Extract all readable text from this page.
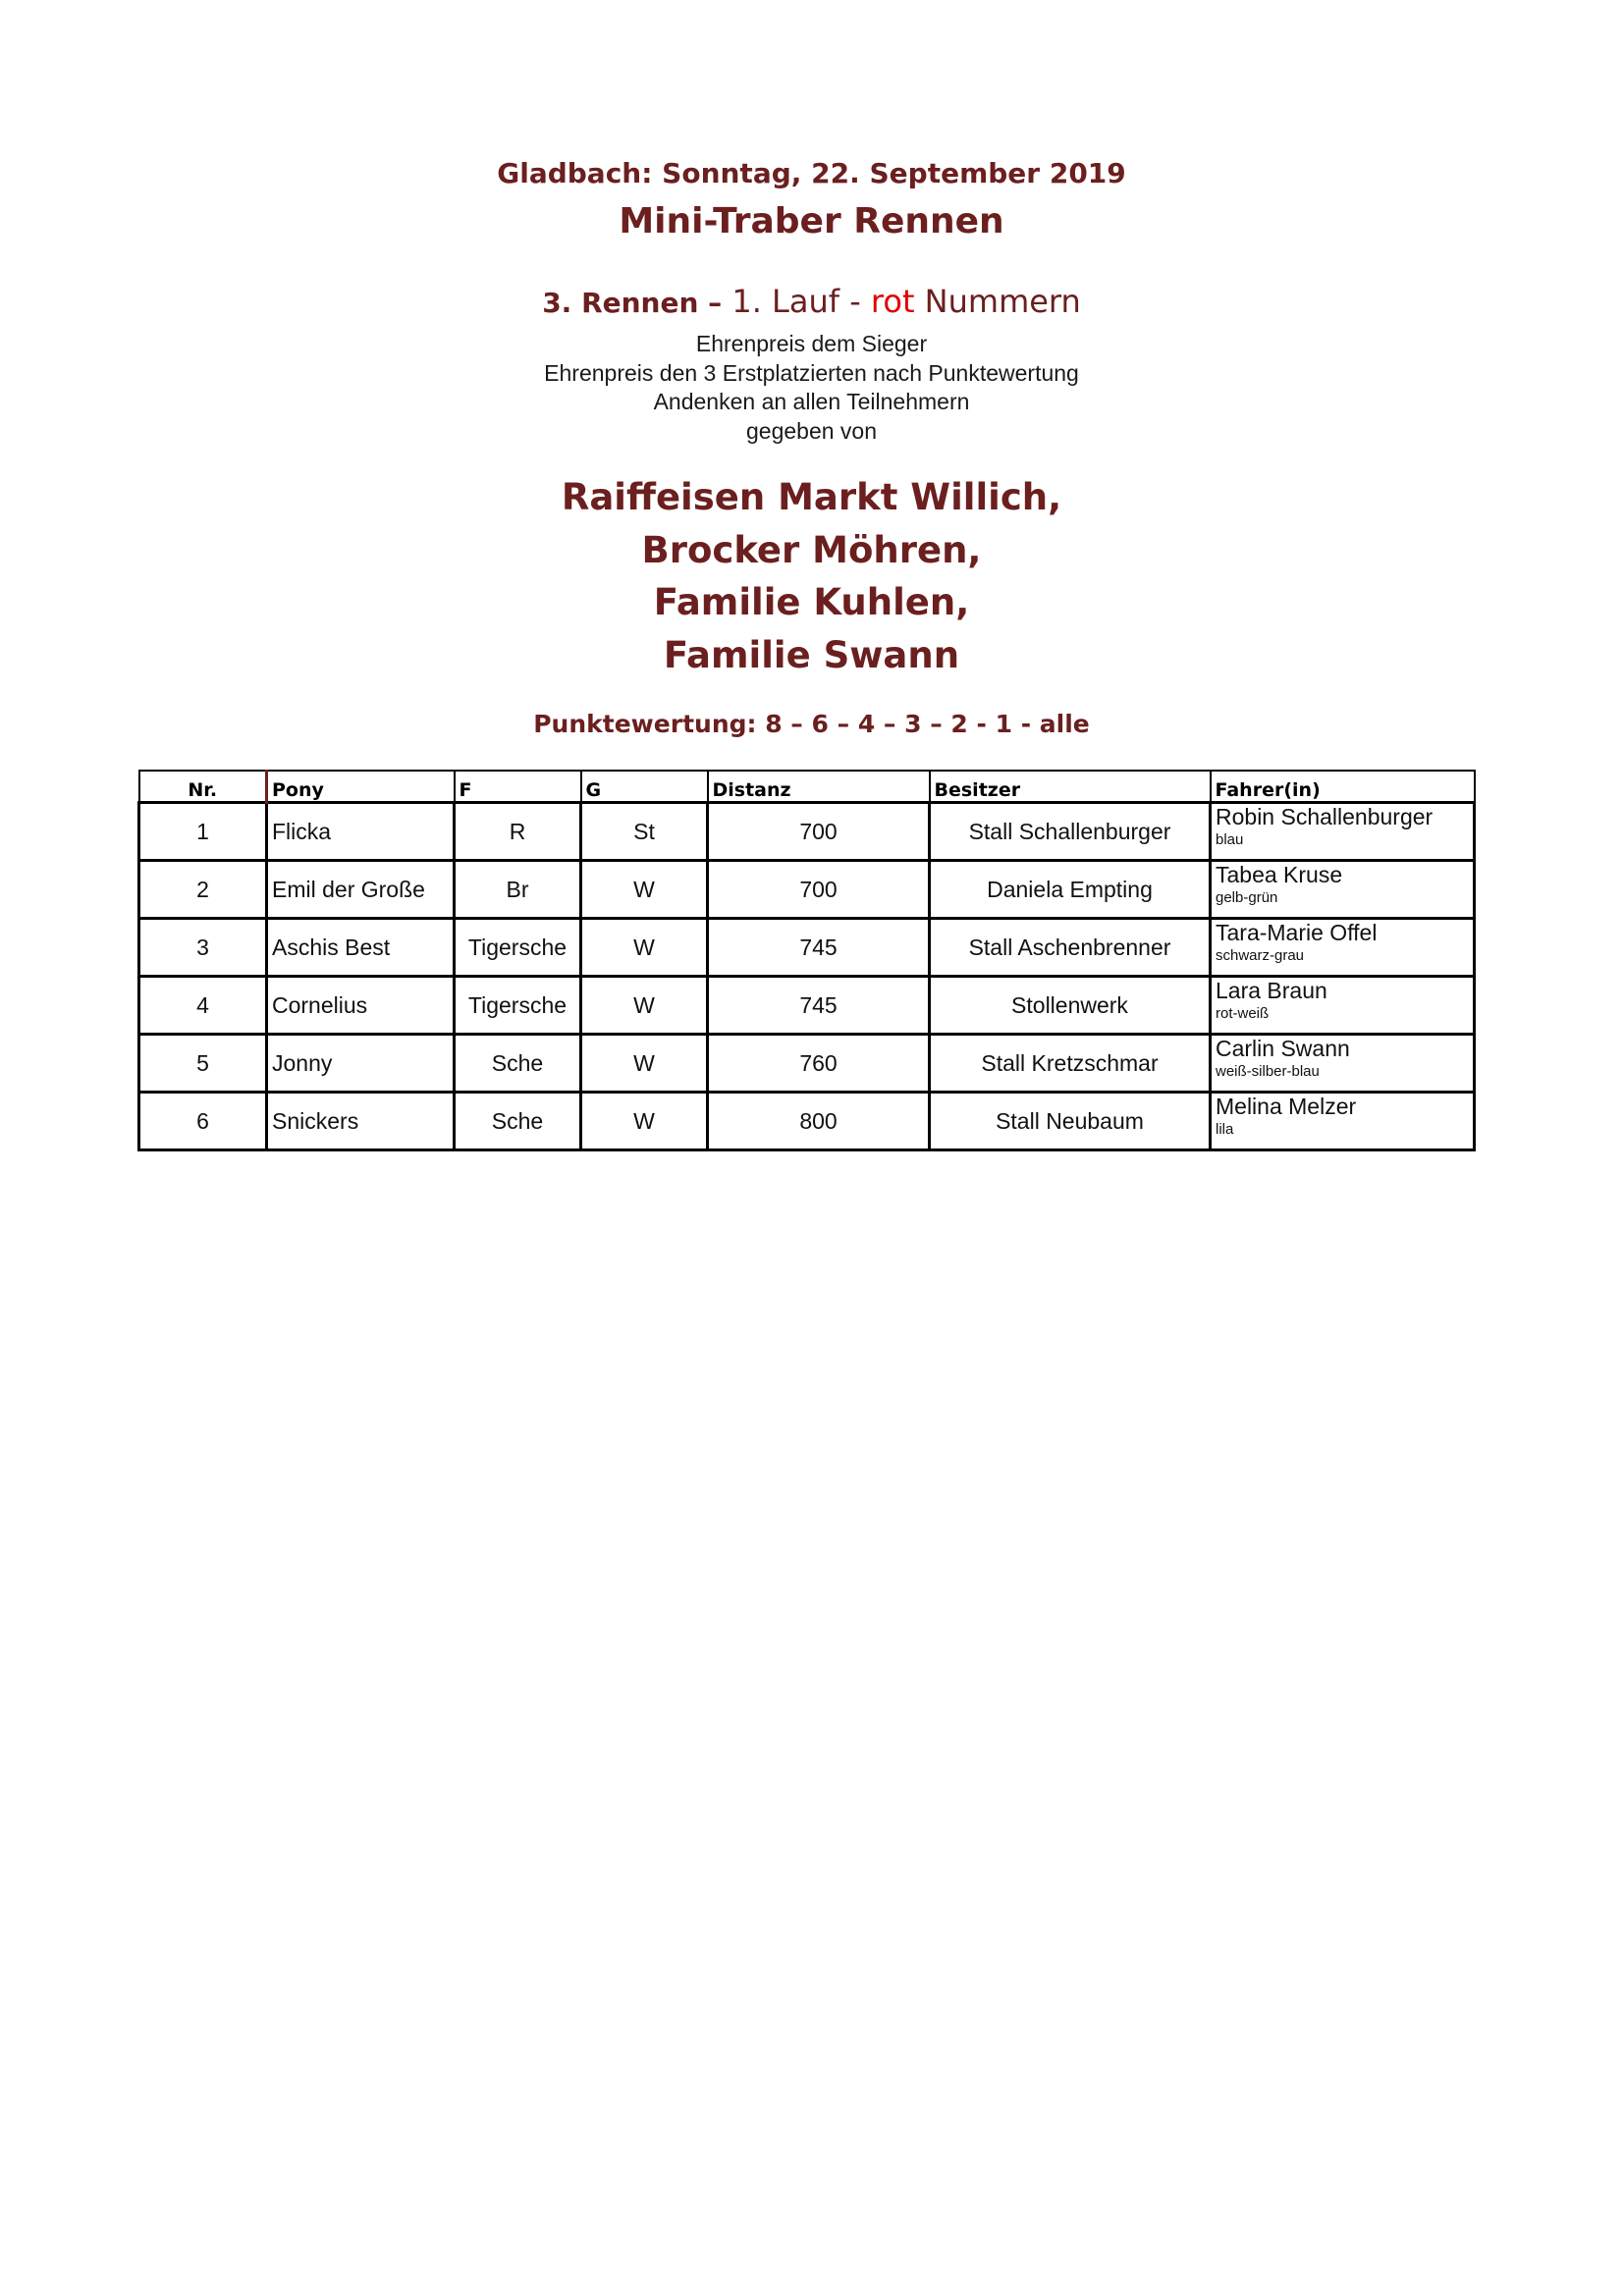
Gladbach: Sonntag, 22. September 2019
Mini-Traber Rennen
3. Rennen – 1. Lauf - rot Nummern
Ehrenpreis dem Sieger
Ehrenpreis den 3 Erstplatzierten nach Punktewertung
Andenken an allen Teilnehmern
gegeben von
Raiffeisen Markt Willich,
Brocker Möhren,
Familie Kuhlen,
Familie Swann
Punktewertung: 8 – 6 – 4 – 3 – 2 - 1 - alle
Nr.	Pony	F	G	Distanz	Besitzer	Fahrer(in)
1	Flicka	R	St	700	Stall Schallenburger	Robin Schallenburger
blau

2	Emil der Große	Br	W	700	Daniela Empting	Tabea Kruse
gelb-grün

3	Aschis Best	Tigersche	W	745	Stall Aschenbrenner	Tara-Marie Offel
schwarz-grau

4	Cornelius	Tigersche	W	745	Stollenwerk	Lara Braun
rot-weiß

5	Jonny	Sche	W	760	Stall Kretzschmar	Carlin Swann
weiß-silber-blau

6	Snickers	Sche	W	800	Stall Neubaum	Melina Melzer
lila
